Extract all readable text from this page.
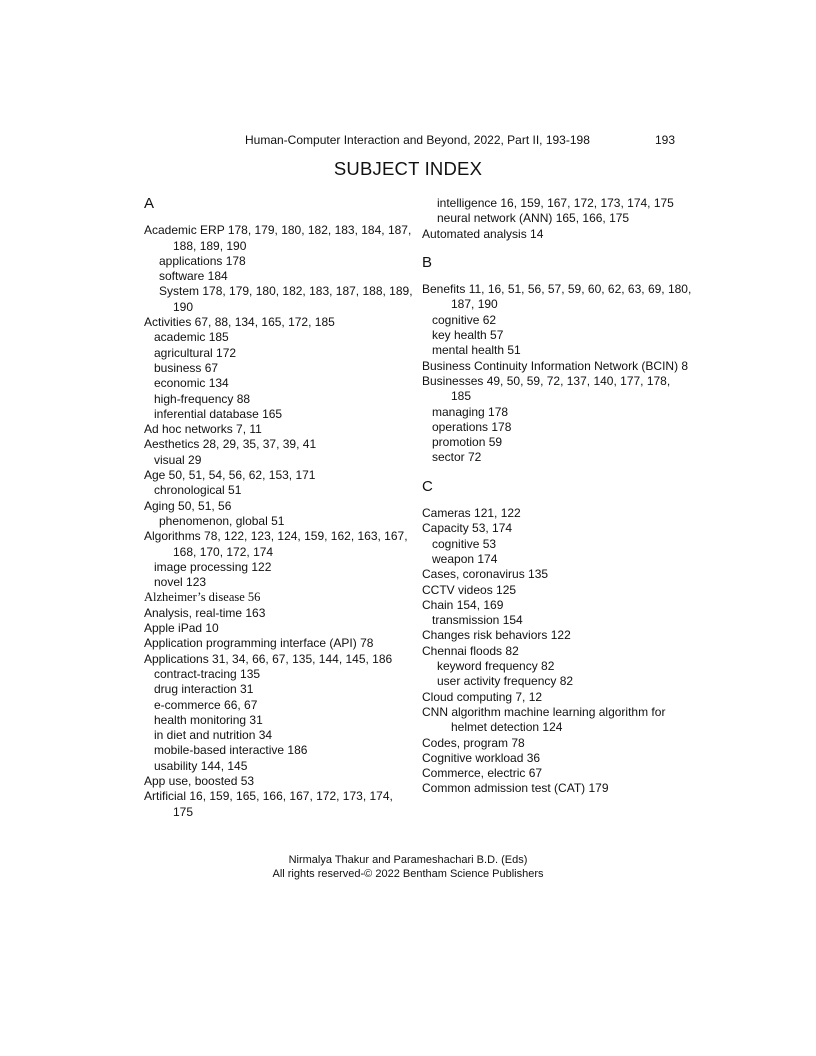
Human-Computer Interaction and Beyond, 2022, Part II, 193-198	193
SUBJECT INDEX
A
Academic ERP 178, 179, 180, 182, 183, 184, 187, 188, 189, 190
applications 178
software 184
System 178, 179, 180, 182, 183, 187, 188, 189, 190
Activities 67, 88, 134, 165, 172, 185
academic 185
agricultural 172
business 67
economic 134
high-frequency 88
inferential database 165
Ad hoc networks 7, 11
Aesthetics 28, 29, 35, 37, 39, 41
visual 29
Age 50, 51, 54, 56, 62, 153, 171
chronological 51
Aging 50, 51, 56
phenomenon, global 51
Algorithms 78, 122, 123, 124, 159, 162, 163, 167, 168, 170, 172, 174
image processing 122
novel 123
Alzheimer’s disease 56
Analysis, real-time 163
Apple iPad 10
Application programming interface (API) 78
Applications 31, 34, 66, 67, 135, 144, 145, 186
contract-tracing 135
drug interaction 31
e-commerce 66, 67
health monitoring 31
in diet and nutrition 34
mobile-based interactive 186
usability 144, 145
App use, boosted 53
Artificial 16, 159, 165, 166, 167, 172, 173, 174, 175
intelligence 16, 159, 167, 172, 173, 174, 175
neural network (ANN) 165, 166, 175
Automated analysis 14
B
Benefits 11, 16, 51, 56, 57, 59, 60, 62, 63, 69, 180, 187, 190
cognitive 62
key health 57
mental health 51
Business Continuity Information Network (BCIN) 8
Businesses 49, 50, 59, 72, 137, 140, 177, 178, 185
managing 178
operations 178
promotion 59
sector 72
C
Cameras 121, 122
Capacity 53, 174
cognitive 53
weapon 174
Cases, coronavirus 135
CCTV videos 125
Chain 154, 169
transmission 154
Changes risk behaviors 122
Chennai floods 82
keyword frequency 82
user activity frequency 82
Cloud computing 7, 12
CNN algorithm machine learning algorithm for helmet detection 124
Codes, program 78
Cognitive workload 36
Commerce, electric 67
Common admission test (CAT) 179
Nirmalya Thakur and Parameshachari B.D. (Eds)
All rights reserved-© 2022 Bentham Science Publishers
